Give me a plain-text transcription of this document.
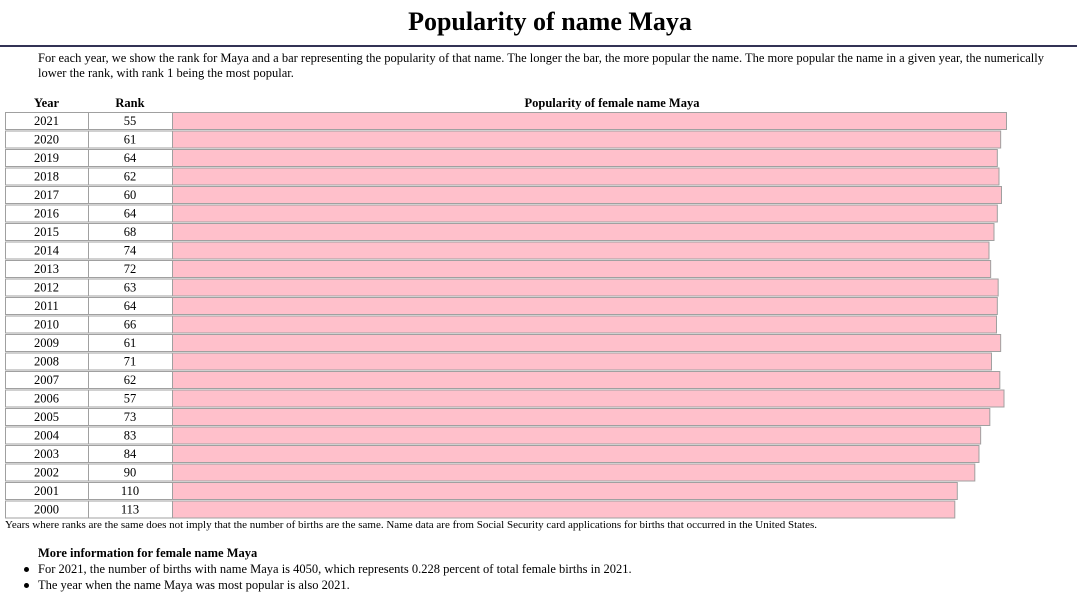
Popularity of name Maya
For each year, we show the rank for Maya and a bar representing the popularity of that name. The longer the bar, the more popular the name. The more popular the name in a given year, the numerically lower the rank, with rank 1 being the most popular.
Year	Rank	Popularity of female name Maya
2021	55
2020	61
2019	64
2018	62
2017	60
2016	64
2015	68
2014	74
2013	72
2012	63
2011	64
2010	66
2009	61
2008	71
2007	62
2006	57
2005	73
2004	83
2003	84
2002	90
2001	110
2000	113
Years where ranks are the same does not imply that the number of births are the same. Name data are from Social Security card applications for births that occurred in the United States.
More information for female name Maya
For 2021, the number of births with name Maya is 4050, which represents 0.228 percent of total female births in 2021.
The year when the name Maya was most popular is also 2021.
